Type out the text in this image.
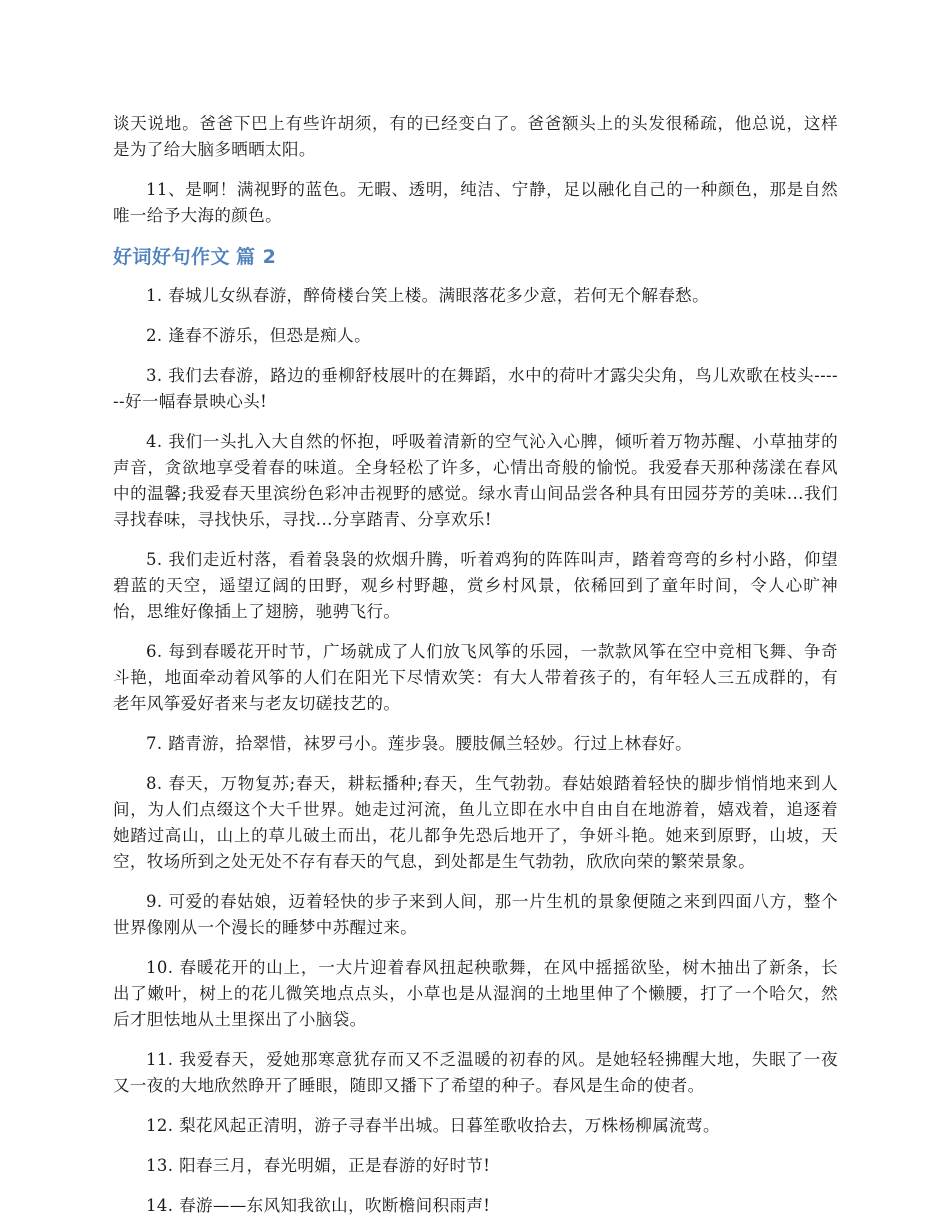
谈天说地。爸爸下巴上有些许胡须，有的已经变白了。爸爸额头上的头发很稀疏，他总说，这样是为了给大脑多晒晒太阳。

11、是啊！满视野的蓝色。无暇、透明，纯洁、宁静，足以融化自己的一种颜色，那是自然唯一给予大海的颜色。

好词好句作文 篇 2

1. 春城儿女纵春游，醉倚楼台笑上楼。满眼落花多少意，若何无个解春愁。

2. 逢春不游乐，但恐是痴人。

3. 我们去春游，路边的垂柳舒枝展叶的在舞蹈，水中的荷叶才露尖尖角，鸟儿欢歌在枝头------好一幅春景映心头!

4. 我们一头扎入大自然的怀抱，呼吸着清新的空气沁入心脾，倾听着万物苏醒、小草抽芽的声音，贪欲地享受着春的味道。全身轻松了许多，心情出奇般的愉悦。我爱春天那种荡漾在春风中的温馨;我爱春天里滨纷色彩冲击视野的感觉。绿水青山间品尝各种具有田园芬芳的美味...我们寻找春味，寻找快乐，寻找...分享踏青、分享欢乐!

5. 我们走近村落，看着袅袅的炊烟升腾，听着鸡狗的阵阵叫声，踏着弯弯的乡村小路，仰望碧蓝的天空，遥望辽阔的田野，观乡村野趣，赏乡村风景，依稀回到了童年时间，令人心旷神怡，思维好像插上了翅膀，驰骋飞行。

6. 每到春暖花开时节，广场就成了人们放飞风筝的乐园，一款款风筝在空中竞相飞舞、争奇斗艳，地面牵动着风筝的人们在阳光下尽情欢笑：有大人带着孩子的，有年轻人三五成群的，有老年风筝爱好者来与老友切磋技艺的。

7. 踏青游，拾翠惜，袜罗弓小。莲步袅。腰肢佩兰轻妙。行过上林春好。

8. 春天，万物复苏;春天，耕耘播种;春天，生气勃勃。春姑娘踏着轻快的脚步悄悄地来到人间，为人们点缀这个大千世界。她走过河流，鱼儿立即在水中自由自在地游着，嬉戏着，追逐着她踏过高山，山上的草儿破土而出，花儿都争先恐后地开了，争妍斗艳。她来到原野，山坡，天空，牧场所到之处无处不存有春天的气息，到处都是生气勃勃，欣欣向荣的繁荣景象。

9. 可爱的春姑娘，迈着轻快的步子来到人间，那一片生机的景象便随之来到四面八方，整个世界像刚从一个漫长的睡梦中苏醒过来。

10. 春暖花开的山上，一大片迎着春风扭起秧歌舞，在风中摇摇欲坠，树木抽出了新条，长出了嫩叶，树上的花儿微笑地点点头，小草也是从湿润的土地里伸了个懒腰，打了一个哈欠，然后才胆怯地从土里探出了小脑袋。

11. 我爱春天，爱她那寒意犹存而又不乏温暖的初春的风。是她轻轻拂醒大地，失眠了一夜又一夜的大地欣然睁开了睡眼，随即又播下了希望的种子。春风是生命的使者。

12. 梨花风起正清明，游子寻春半出城。日暮笙歌收拾去，万株杨柳属流莺。

13. 阳春三月，春光明媚，正是春游的好时节!

14. 春游——东风知我欲山，吹断檐间积雨声!
